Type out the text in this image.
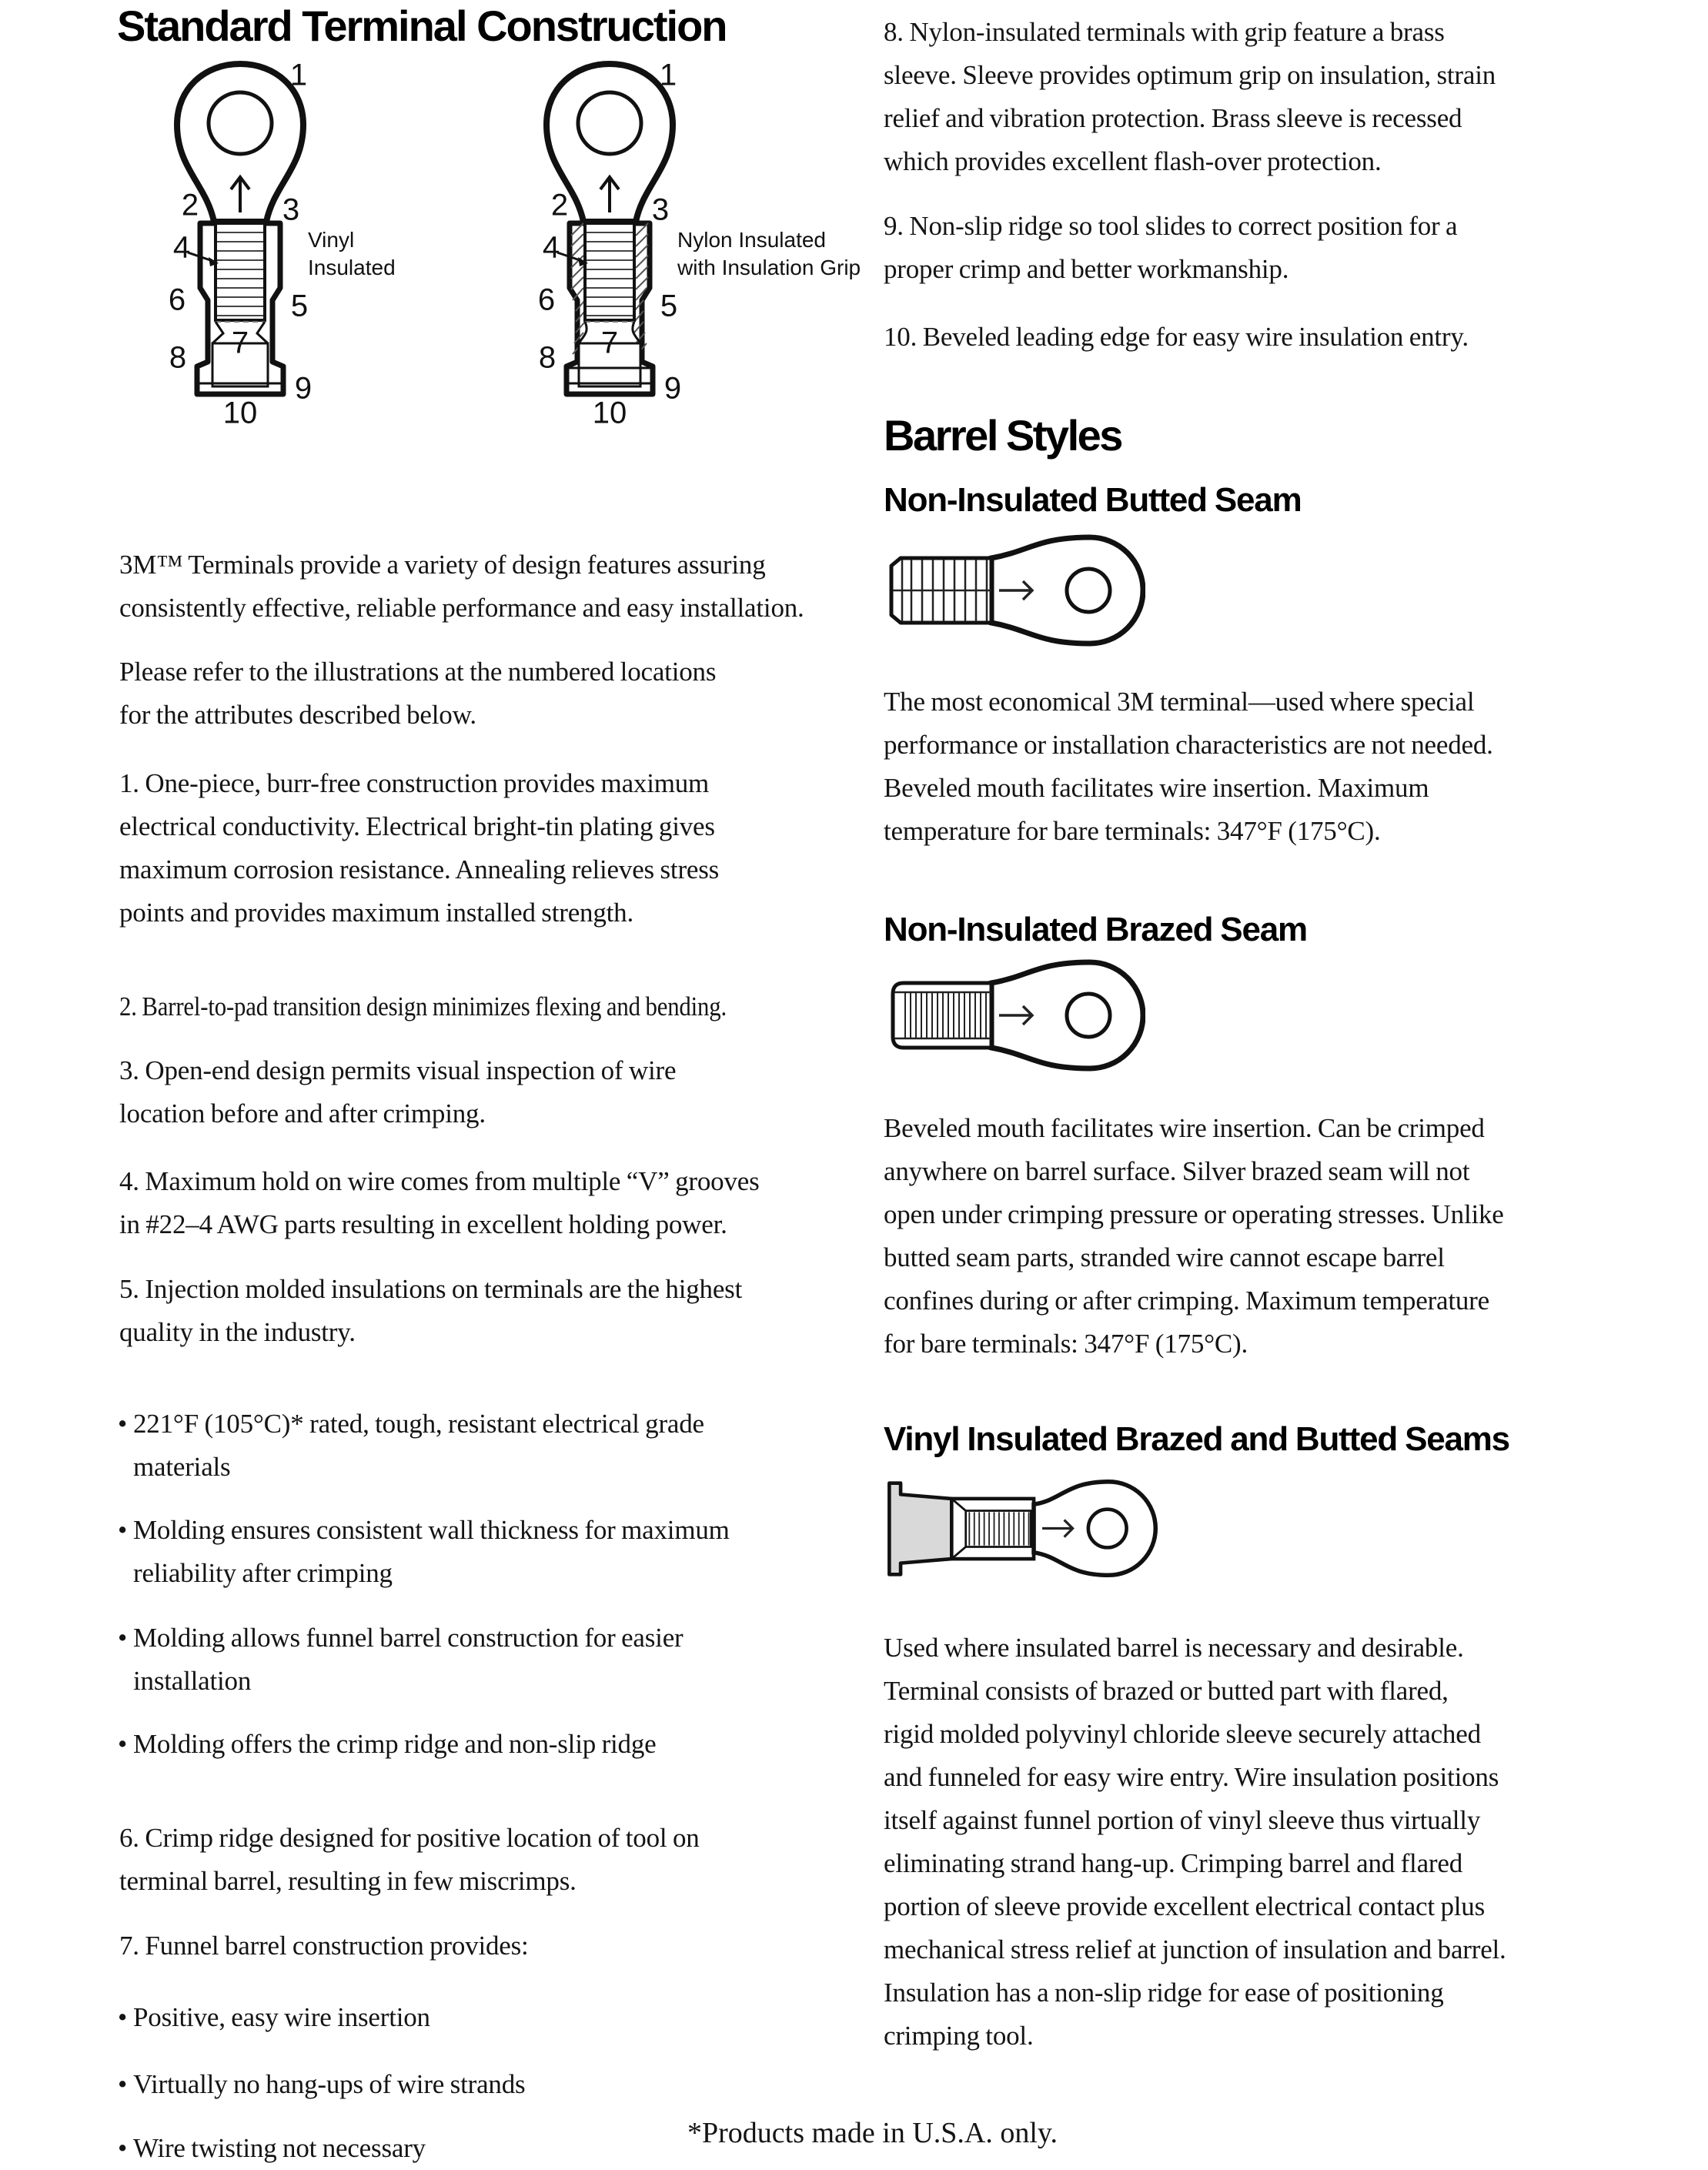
Standard Terminal Construction
1
2	3
4
5
6
7
8
9
10
Vinyl
Insulated
1
2	3
4
5
6
7
8
9
10
Nylon Insulated
with Insulation Grip
3M™ Terminals provide a variety of design features assuring
consistently effective, reliable performance and easy installation.
Please refer to the illustrations at the numbered locations
for the attributes described below.
1. One-piece, burr-free construction provides maximum
electrical conductivity. Electrical bright-tin plating gives
maximum corrosion resistance. Annealing relieves stress
points and provides maximum installed strength.
2. Barrel-to-pad transition design minimizes flexing and bending.
3. Open-end design permits visual inspection of wire
location before and after crimping.
4. Maximum hold on wire comes from multiple “V” grooves
in #22–4 AWG parts resulting in excellent holding power.
5. Injection molded insulations on terminals are the highest
quality in the industry.
• 221°F (105°C)* rated, tough, resistant electrical grade
materials
• Molding ensures consistent wall thickness for maximum
reliability after crimping
• Molding allows funnel barrel construction for easier
installation
• Molding offers the crimp ridge and non-slip ridge
6. Crimp ridge designed for positive location of tool on
terminal barrel, resulting in few miscrimps.
7. Funnel barrel construction provides:
• Positive, easy wire insertion
• Virtually no hang-ups of wire strands
• Wire twisting not necessary
8. Nylon-insulated terminals with grip feature a brass
sleeve. Sleeve provides optimum grip on insulation, strain
relief and vibration protection. Brass sleeve is recessed
which provides excellent flash-over protection.
9. Non-slip ridge so tool slides to correct position for a
proper crimp and better workmanship.
10. Beveled leading edge for easy wire insulation entry.
Barrel Styles
Non-Insulated Butted Seam
The most economical 3M terminal—used where special
performance or installation characteristics are not needed.
Beveled mouth facilitates wire insertion. Maximum
temperature for bare terminals: 347°F (175°C).
Non-Insulated Brazed Seam
Beveled mouth facilitates wire insertion. Can be crimped
anywhere on barrel surface. Silver brazed seam will not
open under crimping pressure or operating stresses. Unlike
butted seam parts, stranded wire cannot escape barrel
confines during or after crimping. Maximum temperature
for bare terminals: 347°F (175°C).
Vinyl Insulated Brazed and Butted Seams
Used where insulated barrel is necessary and desirable.
Terminal consists of brazed or butted part with flared,
rigid molded polyvinyl chloride sleeve securely attached
and funneled for easy wire entry. Wire insulation positions
itself against funnel portion of vinyl sleeve thus virtually
eliminating strand hang-up. Crimping barrel and flared
portion of sleeve provide excellent electrical contact plus
mechanical stress relief at junction of insulation and barrel.
Insulation has a non-slip ridge for ease of positioning
crimping tool.
*Products made in U.S.A. only.
